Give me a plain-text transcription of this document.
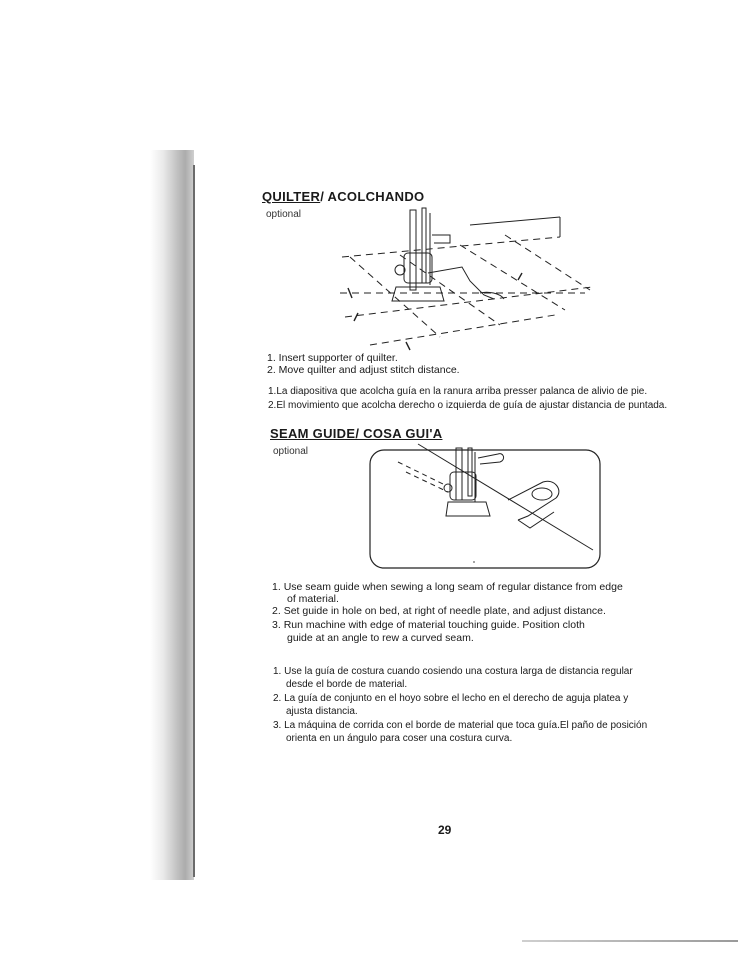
QUILTER/ ACOLCHANDO
optional
1. Insert supporter of quilter.
2. Move quilter and adjust stitch distance.
1.La diapositiva que acolcha guía en la ranura arriba presser palanca de alivio de pie.
2.El movimiento que acolcha derecho o izquierda de guía de ajustar distancia de puntada.
SEAM GUIDE/ COSA GUI'A
optional
1. Use seam guide when sewing a long seam of regular distance from edge
of material.
2. Set guide in hole on bed, at right of needle plate, and adjust distance.
3. Run machine with edge of material touching guide. Position cloth
guide at an angle to rew a curved seam.
1. Use la guía de costura cuando cosiendo una costura larga de distancia regular
desde el borde de material.
2. La guía de conjunto en el hoyo sobre el lecho en el derecho de aguja platea y
ajusta distancia.
3. La máquina de corrida con el borde de material que toca guía.El paño de posición
orienta en un ángulo para coser una costura curva.
29
